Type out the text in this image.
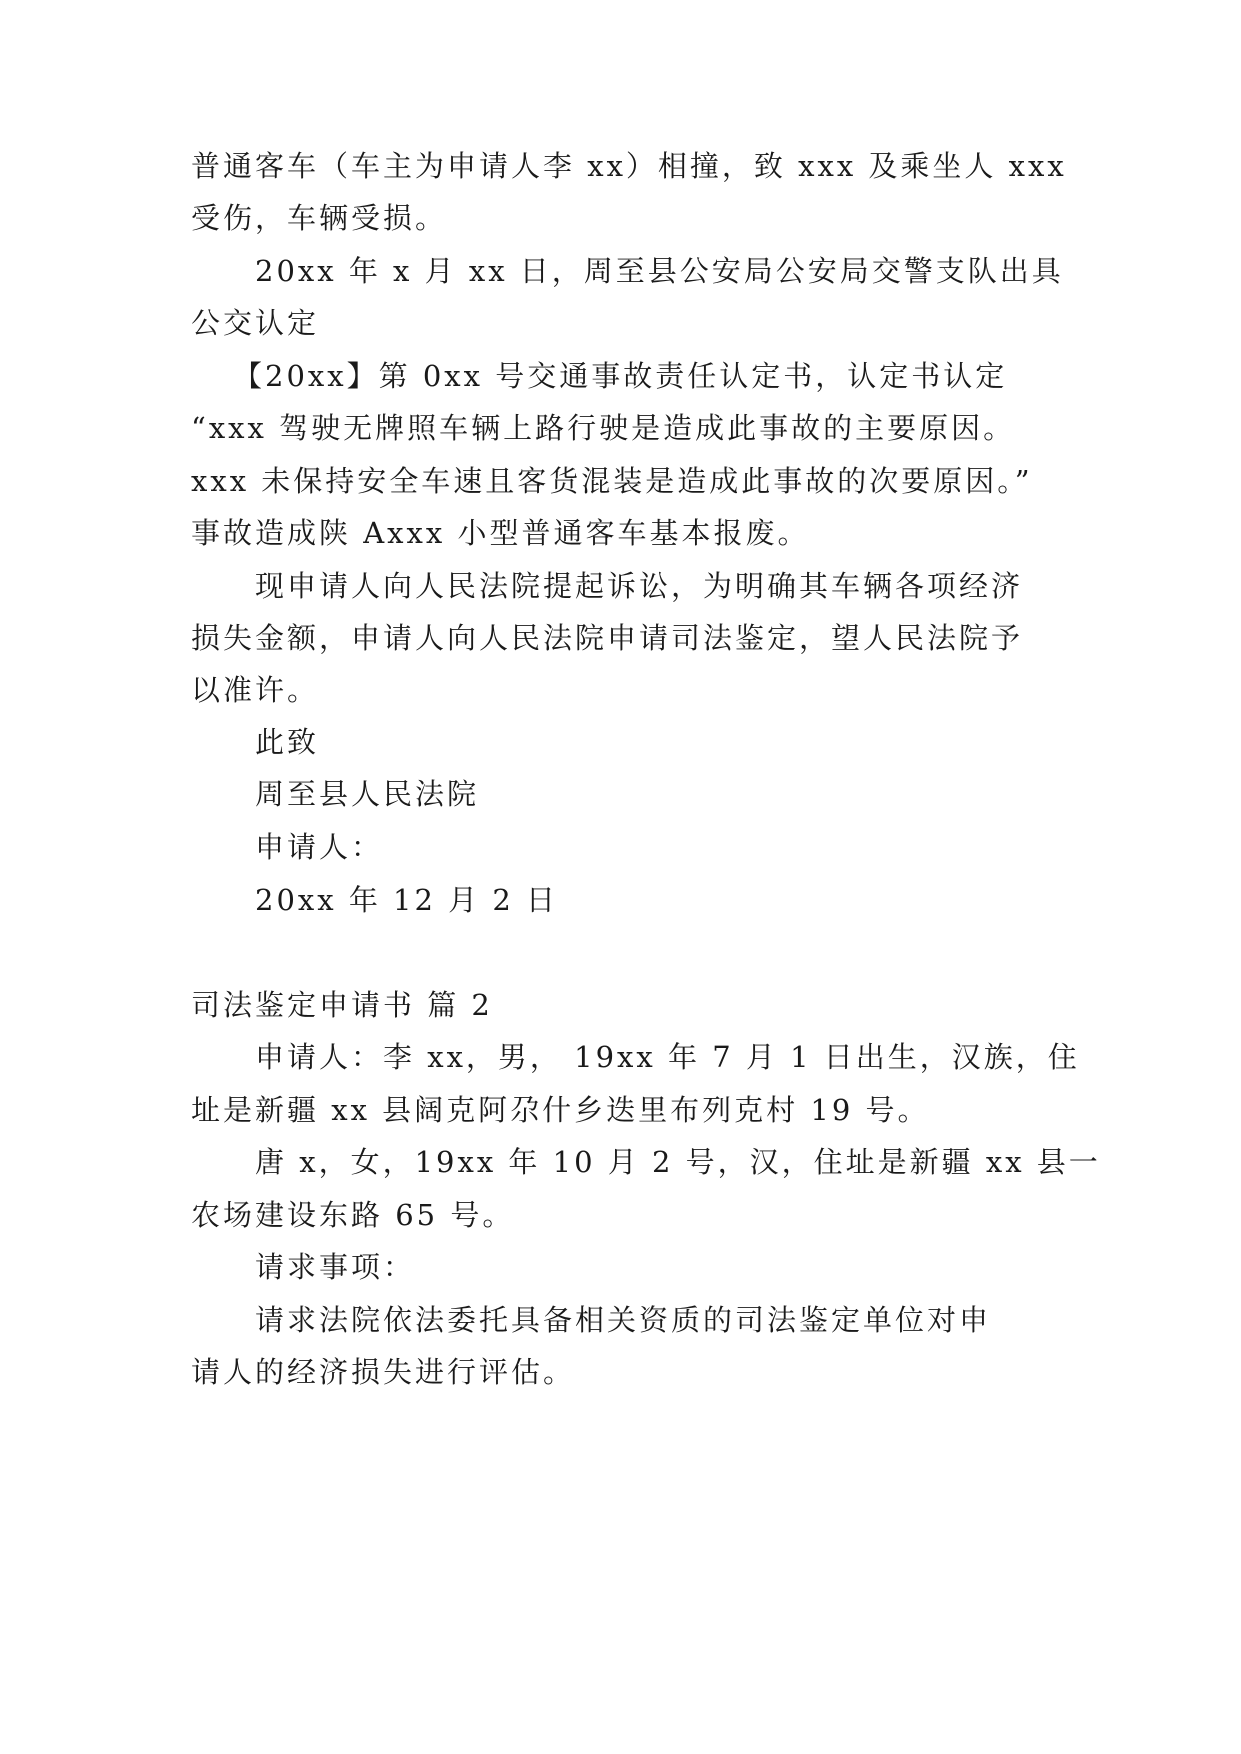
普通客车（车主为申请人李 xx）相撞，致 xxx 及乘坐人 xxx
受伤，车辆受损。
20xx 年 x 月 xx 日，周至县公安局公安局交警支队出具
公交认定
【20xx】第 0xx 号交通事故责任认定书，认定书认定
“xxx 驾驶无牌照车辆上路行驶是造成此事故的主要原因。
xxx 未保持安全车速且客货混装是造成此事故的次要原因。”
事故造成陕 Axxx 小型普通客车基本报废。
现申请人向人民法院提起诉讼，为明确其车辆各项经济
损失金额，申请人向人民法院申请司法鉴定，望人民法院予
以准许。
此致
周至县人民法院
申请人：
20xx 年 12 月 2 日
司法鉴定申请书 篇 2
申请人：李 xx，男， 19xx 年 7 月 1 日出生，汉族，住
址是新疆 xx 县阔克阿尕什乡迭里布列克村 19 号。
唐 x，女，19xx 年 10 月 2 号，汉，住址是新疆 xx 县一
农场建设东路 65 号。
请求事项：
请求法院依法委托具备相关资质的司法鉴定单位对申
请人的经济损失进行评估。
